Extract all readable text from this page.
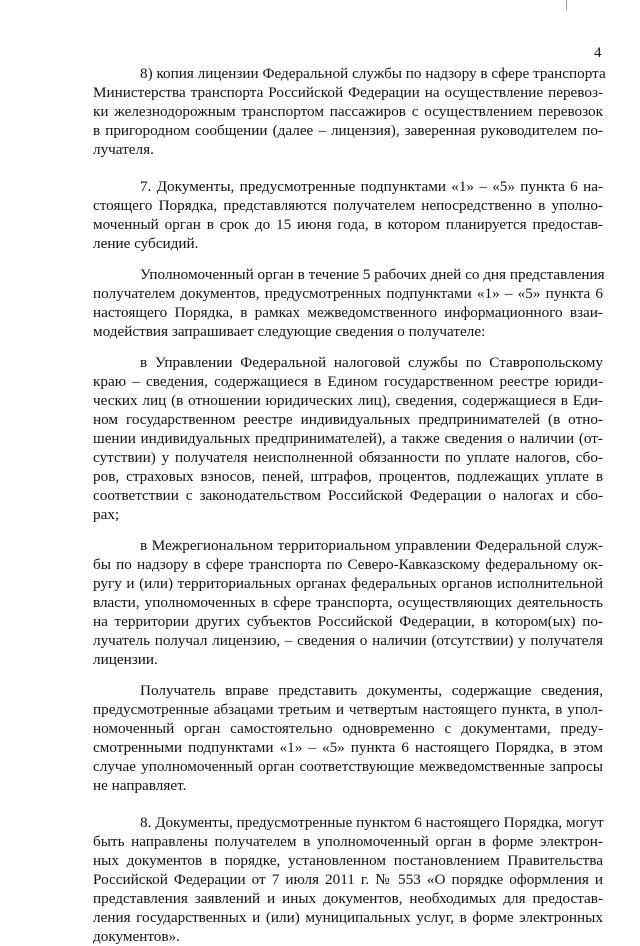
4
8) копия лицензии Федеральной службы по надзору в сфере транспорта
Министерства транспорта Российской Федерации на осуществление перевоз-
ки железнодорожным транспортом пассажиров с осуществлением перевозок
в пригородном сообщении (далее – лицензия), заверенная руководителем по-
лучателя.
7. Документы, предусмотренные подпунктами «1» – «5» пункта 6 на-
стоящего Порядка, представляются получателем непосредственно в уполно-
моченный орган в срок до 15 июня года, в котором планируется предостав-
ление субсидий.
Уполномоченный орган в течение 5 рабочих дней со дня представления
получателем документов, предусмотренных подпунктами «1» – «5» пункта 6
настоящего Порядка, в рамках межведомственного информационного взаи-
модействия запрашивает следующие сведения о получателе:
в Управлении Федеральной налоговой службы по Ставропольскому
краю – сведения, содержащиеся в Едином государственном реестре юриди-
ческих лиц (в отношении юридических лиц), сведения, содержащиеся в Еди-
ном государственном реестре индивидуальных предпринимателей (в отно-
шении индивидуальных предпринимателей), а также сведения о наличии (от-
сутствии) у получателя неисполненной обязанности по уплате налогов, сбо-
ров, страховых взносов, пеней, штрафов, процентов, подлежащих уплате в
соответствии с законодательством Российской Федерации о налогах и сбо-
рах;
в Межрегиональном территориальном управлении Федеральной служ-
бы по надзору в сфере транспорта по Северо-Кавказскому федеральному ок-
ругу и (или) территориальных органах федеральных органов исполнительной
власти, уполномоченных в сфере транспорта, осуществляющих деятельность
на территории других субъектов Российской Федерации, в котором(ых) по-
лучатель получал лицензию, – сведения о наличии (отсутствии) у получателя
лицензии.
Получатель вправе представить документы, содержащие сведения,
предусмотренные абзацами третьим и четвертым настоящего пункта, в упол-
номоченный орган самостоятельно одновременно с документами, преду-
смотренными подпунктами «1» – «5» пункта 6 настоящего Порядка, в этом
случае уполномоченный орган соответствующие межведомственные запросы
не направляет.
8. Документы, предусмотренные пунктом 6 настоящего Порядка, могут
быть направлены получателем в уполномоченный орган в форме электрон-
ных документов в порядке, установленном постановлением Правительства
Российской Федерации от 7 июля 2011 г. № 553 «О порядке оформления и
представления заявлений и иных документов, необходимых для предостав-
ления государственных и (или) муниципальных услуг, в форме электронных
документов».
